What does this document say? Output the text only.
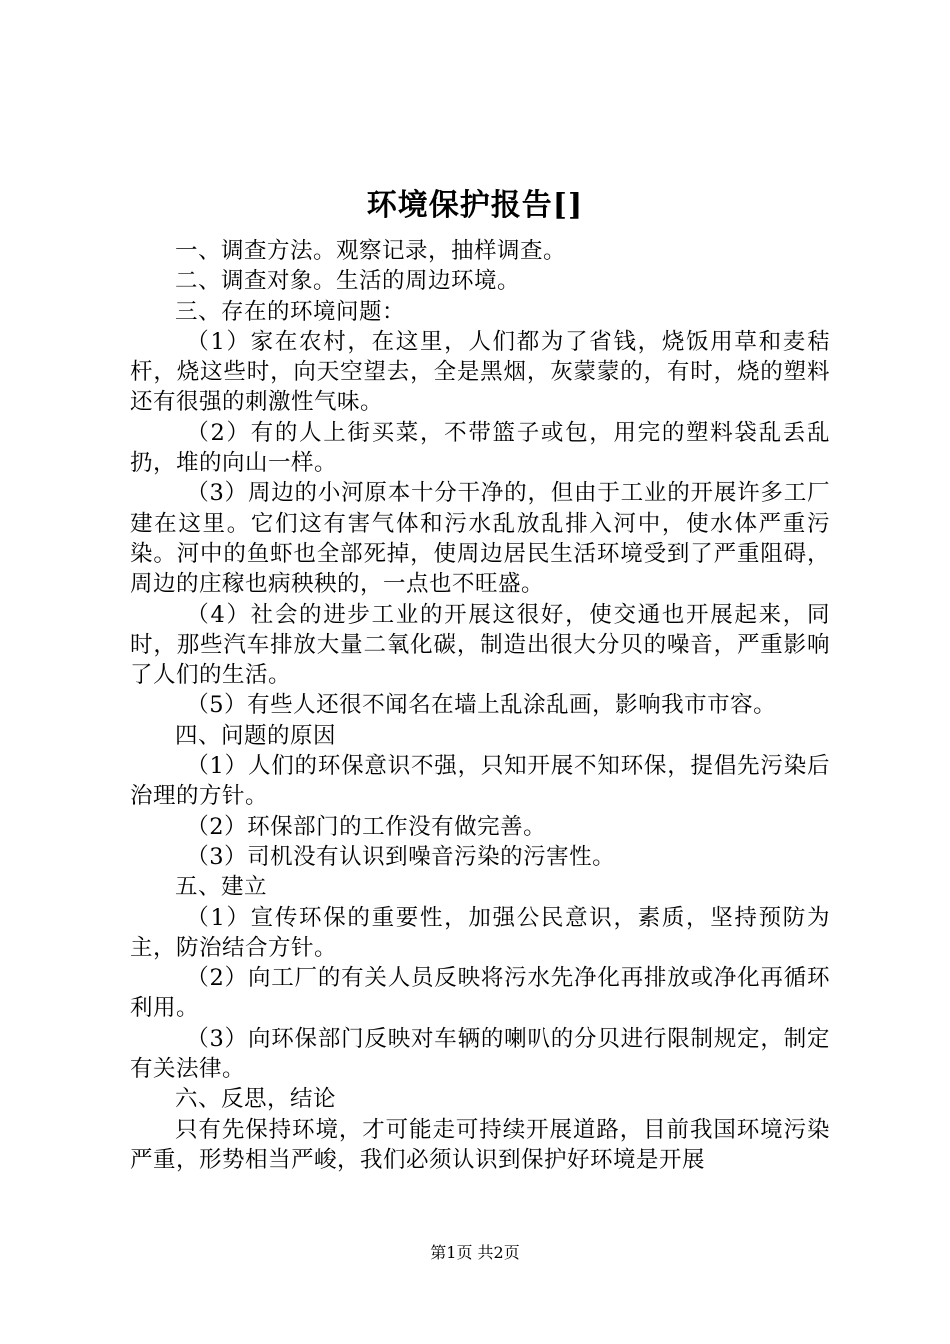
环境保护报告[]

一、调查方法。观察记录，抽样调查。

二、调查对象。生活的周边环境。

三、存在的环境问题：

（1）家在农村，在这里，人们都为了省钱，烧饭用草和麦秸杆，烧这些时，向天空望去，全是黑烟，灰蒙蒙的，有时，烧的塑料还有很强的刺激性气味。

（2）有的人上街买菜，不带篮子或包，用完的塑料袋乱丢乱扔，堆的向山一样。

（3）周边的小河原本十分干净的，但由于工业的开展许多工厂建在这里。它们这有害气体和污水乱放乱排入河中，使水体严重污染。河中的鱼虾也全部死掉，使周边居民生活环境受到了严重阻碍，周边的庄稼也病秧秧的，一点也不旺盛。

（4）社会的进步工业的开展这很好，使交通也开展起来，同时，那些汽车排放大量二氧化碳，制造出很大分贝的噪音，严重影响了人们的生活。

（5）有些人还很不闻名在墙上乱涂乱画，影响我市市容。

四、问题的原因

（1）人们的环保意识不强，只知开展不知环保，提倡先污染后治理的方针。

（2）环保部门的工作没有做完善。

（3）司机没有认识到噪音污染的污害性。

五、建立

（1）宣传环保的重要性，加强公民意识，素质，坚持预防为主，防治结合方针。

（2）向工厂的有关人员反映将污水先净化再排放或净化再循环利用。

（3）向环保部门反映对车辆的喇叭的分贝进行限制规定，制定有关法律。

六、反思，结论

只有先保持环境，才可能走可持续开展道路，目前我国环境污染严重，形势相当严峻，我们必须认识到保护好环境是开展

第1页 共2页
